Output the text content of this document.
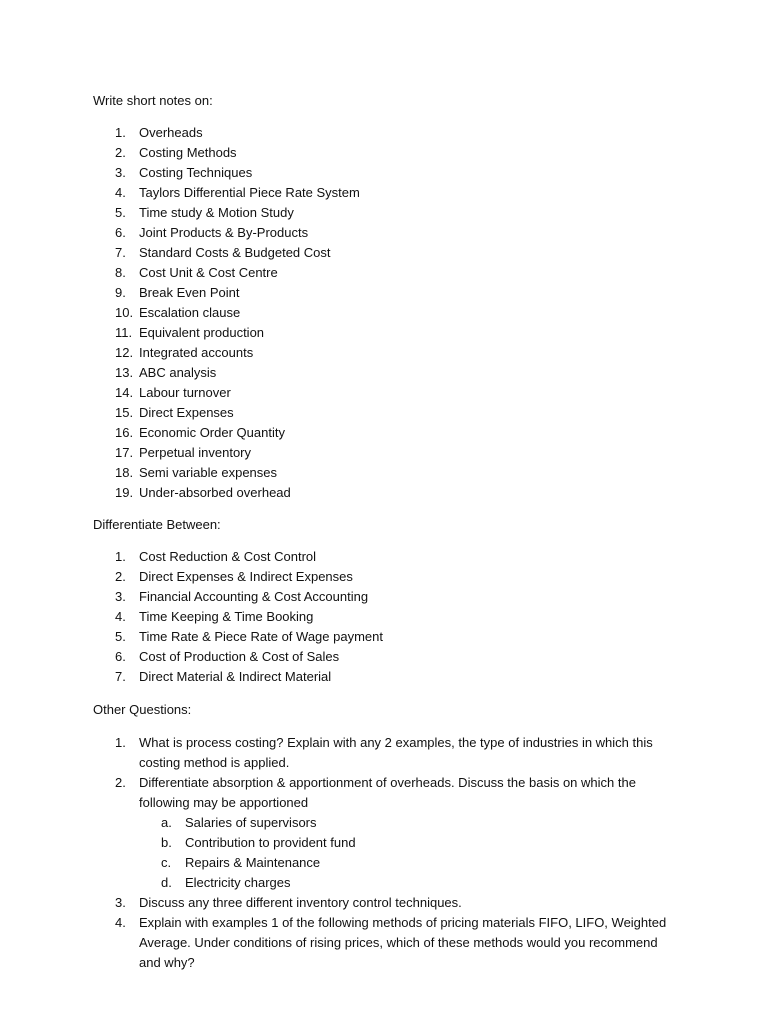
Write short notes on:
1. Overheads
2. Costing Methods
3. Costing Techniques
4. Taylors Differential Piece Rate System
5. Time study & Motion Study
6. Joint Products & By-Products
7. Standard Costs & Budgeted Cost
8. Cost Unit & Cost Centre
9. Break Even Point
10. Escalation clause
11. Equivalent production
12. Integrated accounts
13. ABC analysis
14. Labour turnover
15. Direct Expenses
16. Economic Order Quantity
17. Perpetual inventory
18. Semi variable expenses
19. Under-absorbed overhead
Differentiate Between:
1. Cost Reduction & Cost Control
2. Direct Expenses & Indirect Expenses
3. Financial Accounting & Cost Accounting
4. Time Keeping & Time Booking
5. Time Rate & Piece Rate of Wage payment
6. Cost of Production & Cost of Sales
7. Direct Material & Indirect Material
Other Questions:
1. What is process costing? Explain with any 2 examples, the type of industries in which this
costing method is applied.
2. Differentiate absorption & apportionment of overheads. Discuss the basis on which the
following may be apportioned
a. Salaries of supervisors
b. Contribution to provident fund
c. Repairs & Maintenance
d. Electricity charges
3. Discuss any three different inventory control techniques.
4. Explain with examples 1 of the following methods of pricing materials FIFO, LIFO, Weighted
Average. Under conditions of rising prices, which of these methods would you recommend
and why?
